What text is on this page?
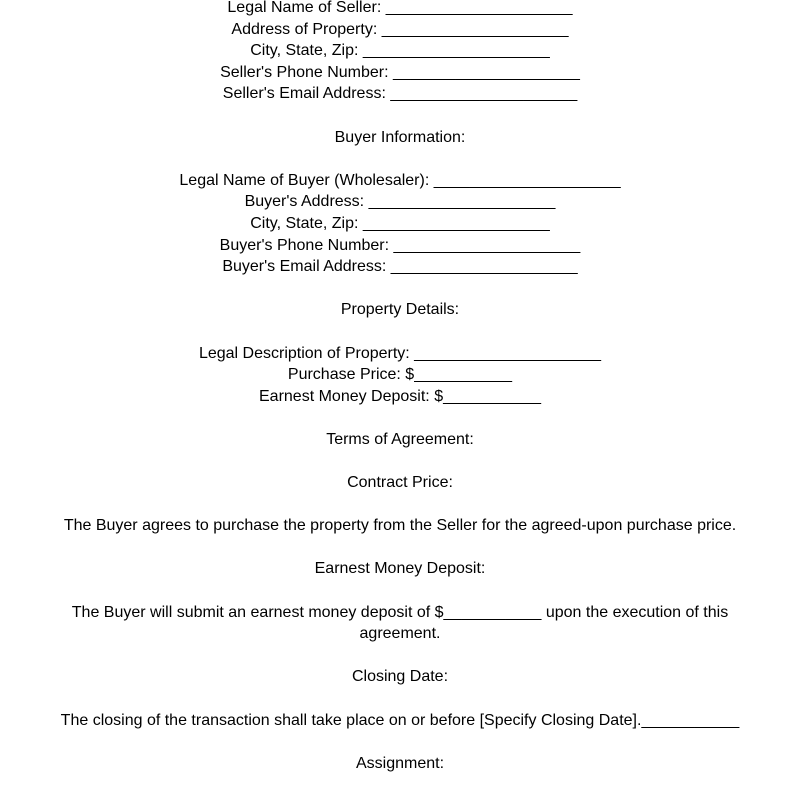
Legal Name of Seller: _____________________
Address of Property: _____________________
City, State, Zip: _____________________
Seller's Phone Number: _____________________
Seller's Email Address: _____________________
Buyer Information:
Legal Name of Buyer (Wholesaler): _____________________
Buyer's Address: _____________________
City, State, Zip: _____________________
Buyer's Phone Number: _____________________
Buyer's Email Address: _____________________
Property Details:
Legal Description of Property: _____________________
Purchase Price: $___________
Earnest Money Deposit: $___________
Terms of Agreement:
Contract Price:
The Buyer agrees to purchase the property from the Seller for the agreed-upon purchase price.
Earnest Money Deposit:
The Buyer will submit an earnest money deposit of $___________ upon the execution of this
agreement.
Closing Date:
The closing of the transaction shall take place on or before [Specify Closing Date].___________
Assignment:
